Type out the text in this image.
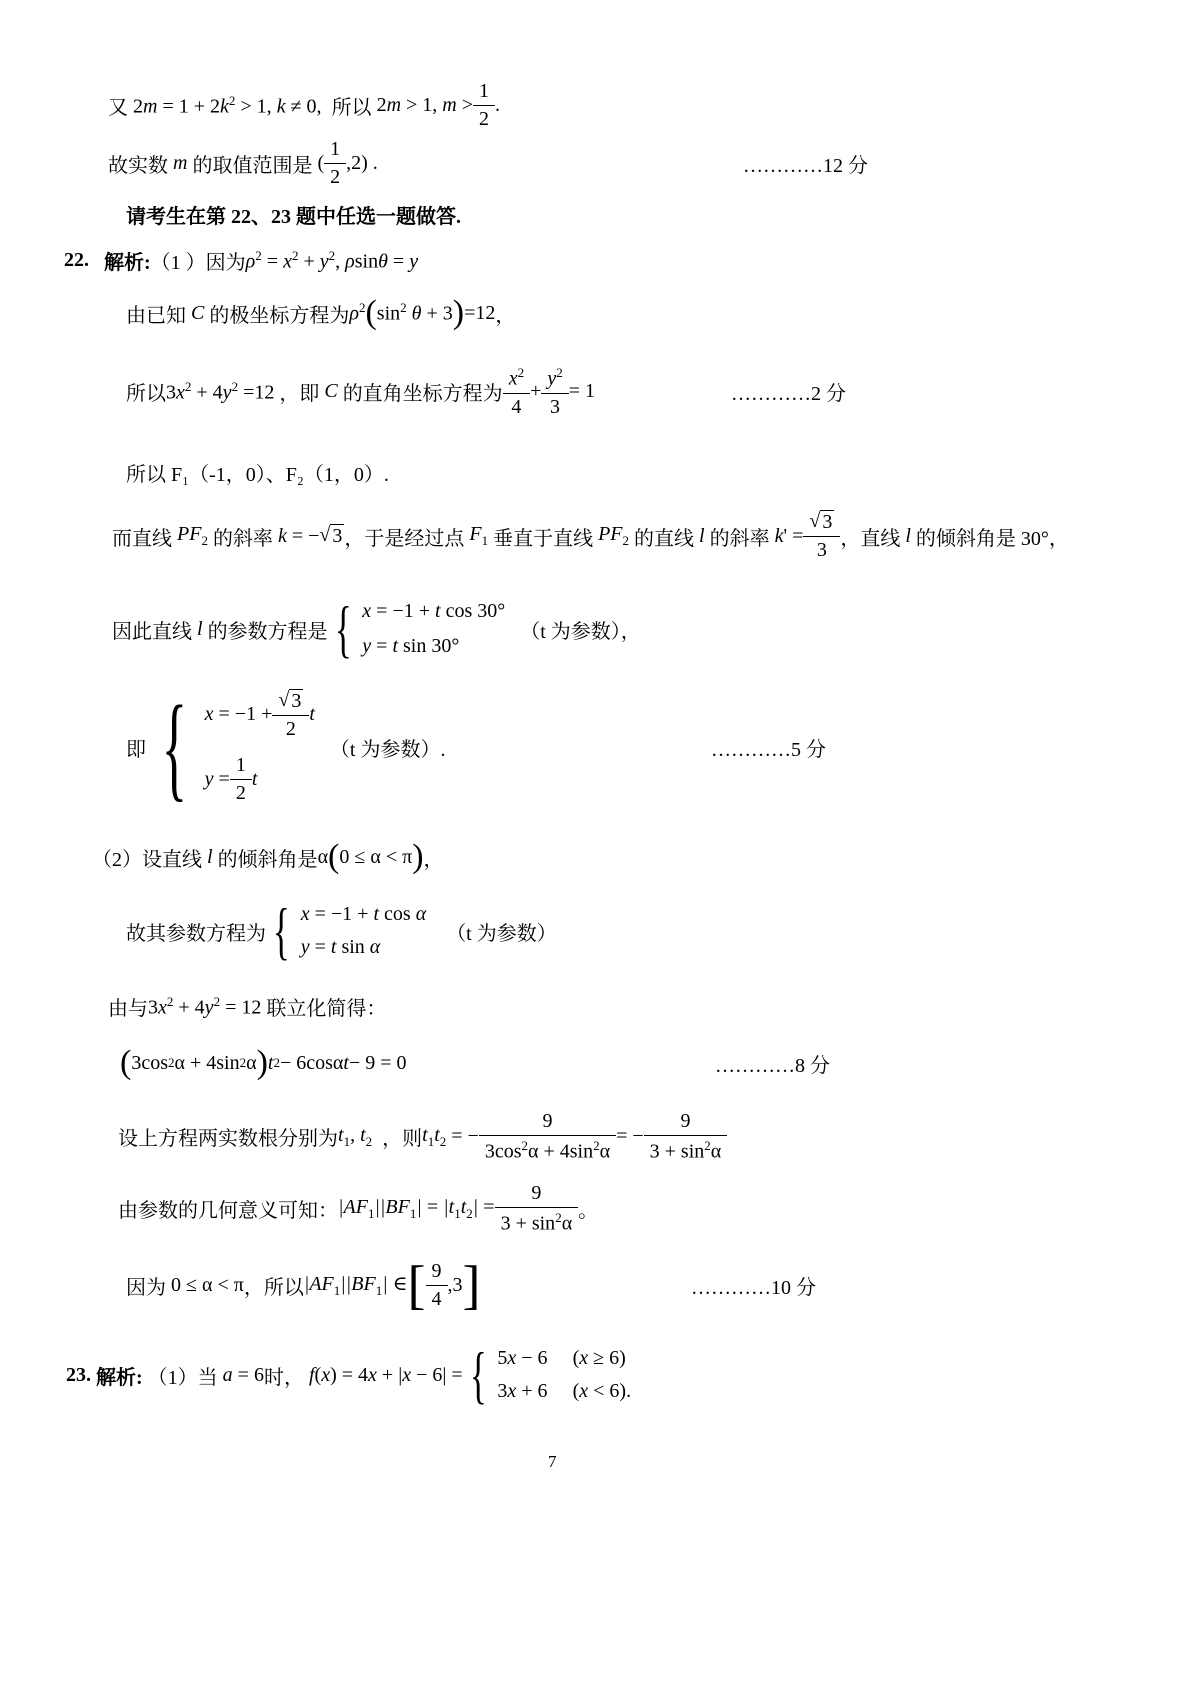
又
$2m = 1 + 2k^2 > 1$, k ≠ 0,
所以
2m > 1, $m > \frac{1}{2}$ .
故实数
m
的取值范围是 ( $\frac{1}{2} ,2$) .	…………12 分
请考生在第 22、23 题中任选一题做答.
22.
解析: （1 ）因为 $\rho^2 = x^2 + y^2$, ρsinθ = y
由已知 C 的极坐标方程为 $\rho^2$ ( $\sin^2 \theta + 3$ ) =12 ，
所以 $3x^2 + 4y^2 =12$
，即 C 的直角坐标方程为 $\frac{x^2}{4} + \frac{y^2}{3} = 1$	…………2 分
所以 F₁（-1，0）、F₂（1，0）.
而直线
$PF_2$
的斜率 k = − √ 3 ，于是经过点
$F_1$
垂直于直线
$PF_2$
的直线
l
的斜率 $k' = \frac{√ 3}{3}$ ，直线
l
的倾斜角是 30°，
因此直线
l
的参数方程是 { x = −1 + t cos 30°
y = t sin 30°

（t 为参数），
即 { $x = -1 + \frac{√ 3}{2}$ t
$y = \frac{1}{2}$ t

（t 为参数）.	…………5 分
（2）设直线
l
的倾斜角是 α ( 0 ≤ α < π ) ，
故其参数方程为 { x = −1 + t cos α
y = t sin α

（t 为参数）
由与 $3x^2 + 4y^2 = 12$
联立化简得：
( 3cos 2 α + 4sin 2 α ) t 2 − 6cosα t − 9 = 0	…………8 分
设上方程两实数根分别为 $t_1$, $t_2$
，则 $t_1t_2$ = − $\frac{9}{3\cos^2\alpha + 4\sin^2\alpha}$ = − $\frac{9}{3 + \sin^2\alpha}$
由参数的几何意义可知： $|AF_1||BF_1| = |t_1t_2| = \frac{9}{3 + \sin^2\alpha}$ 。
因为 0 ≤ α < π ，所以 $|AF_1||BF_1|$ ∈ [ $\frac{9}{4} ,3$ ]	…………10 分
23.
解析:
（1）当 a = 6 时，
f(x) = 4x + |x − 6| = { 5x − 6 (x ≥ 6)
3x + 6 (x < 6).
7
